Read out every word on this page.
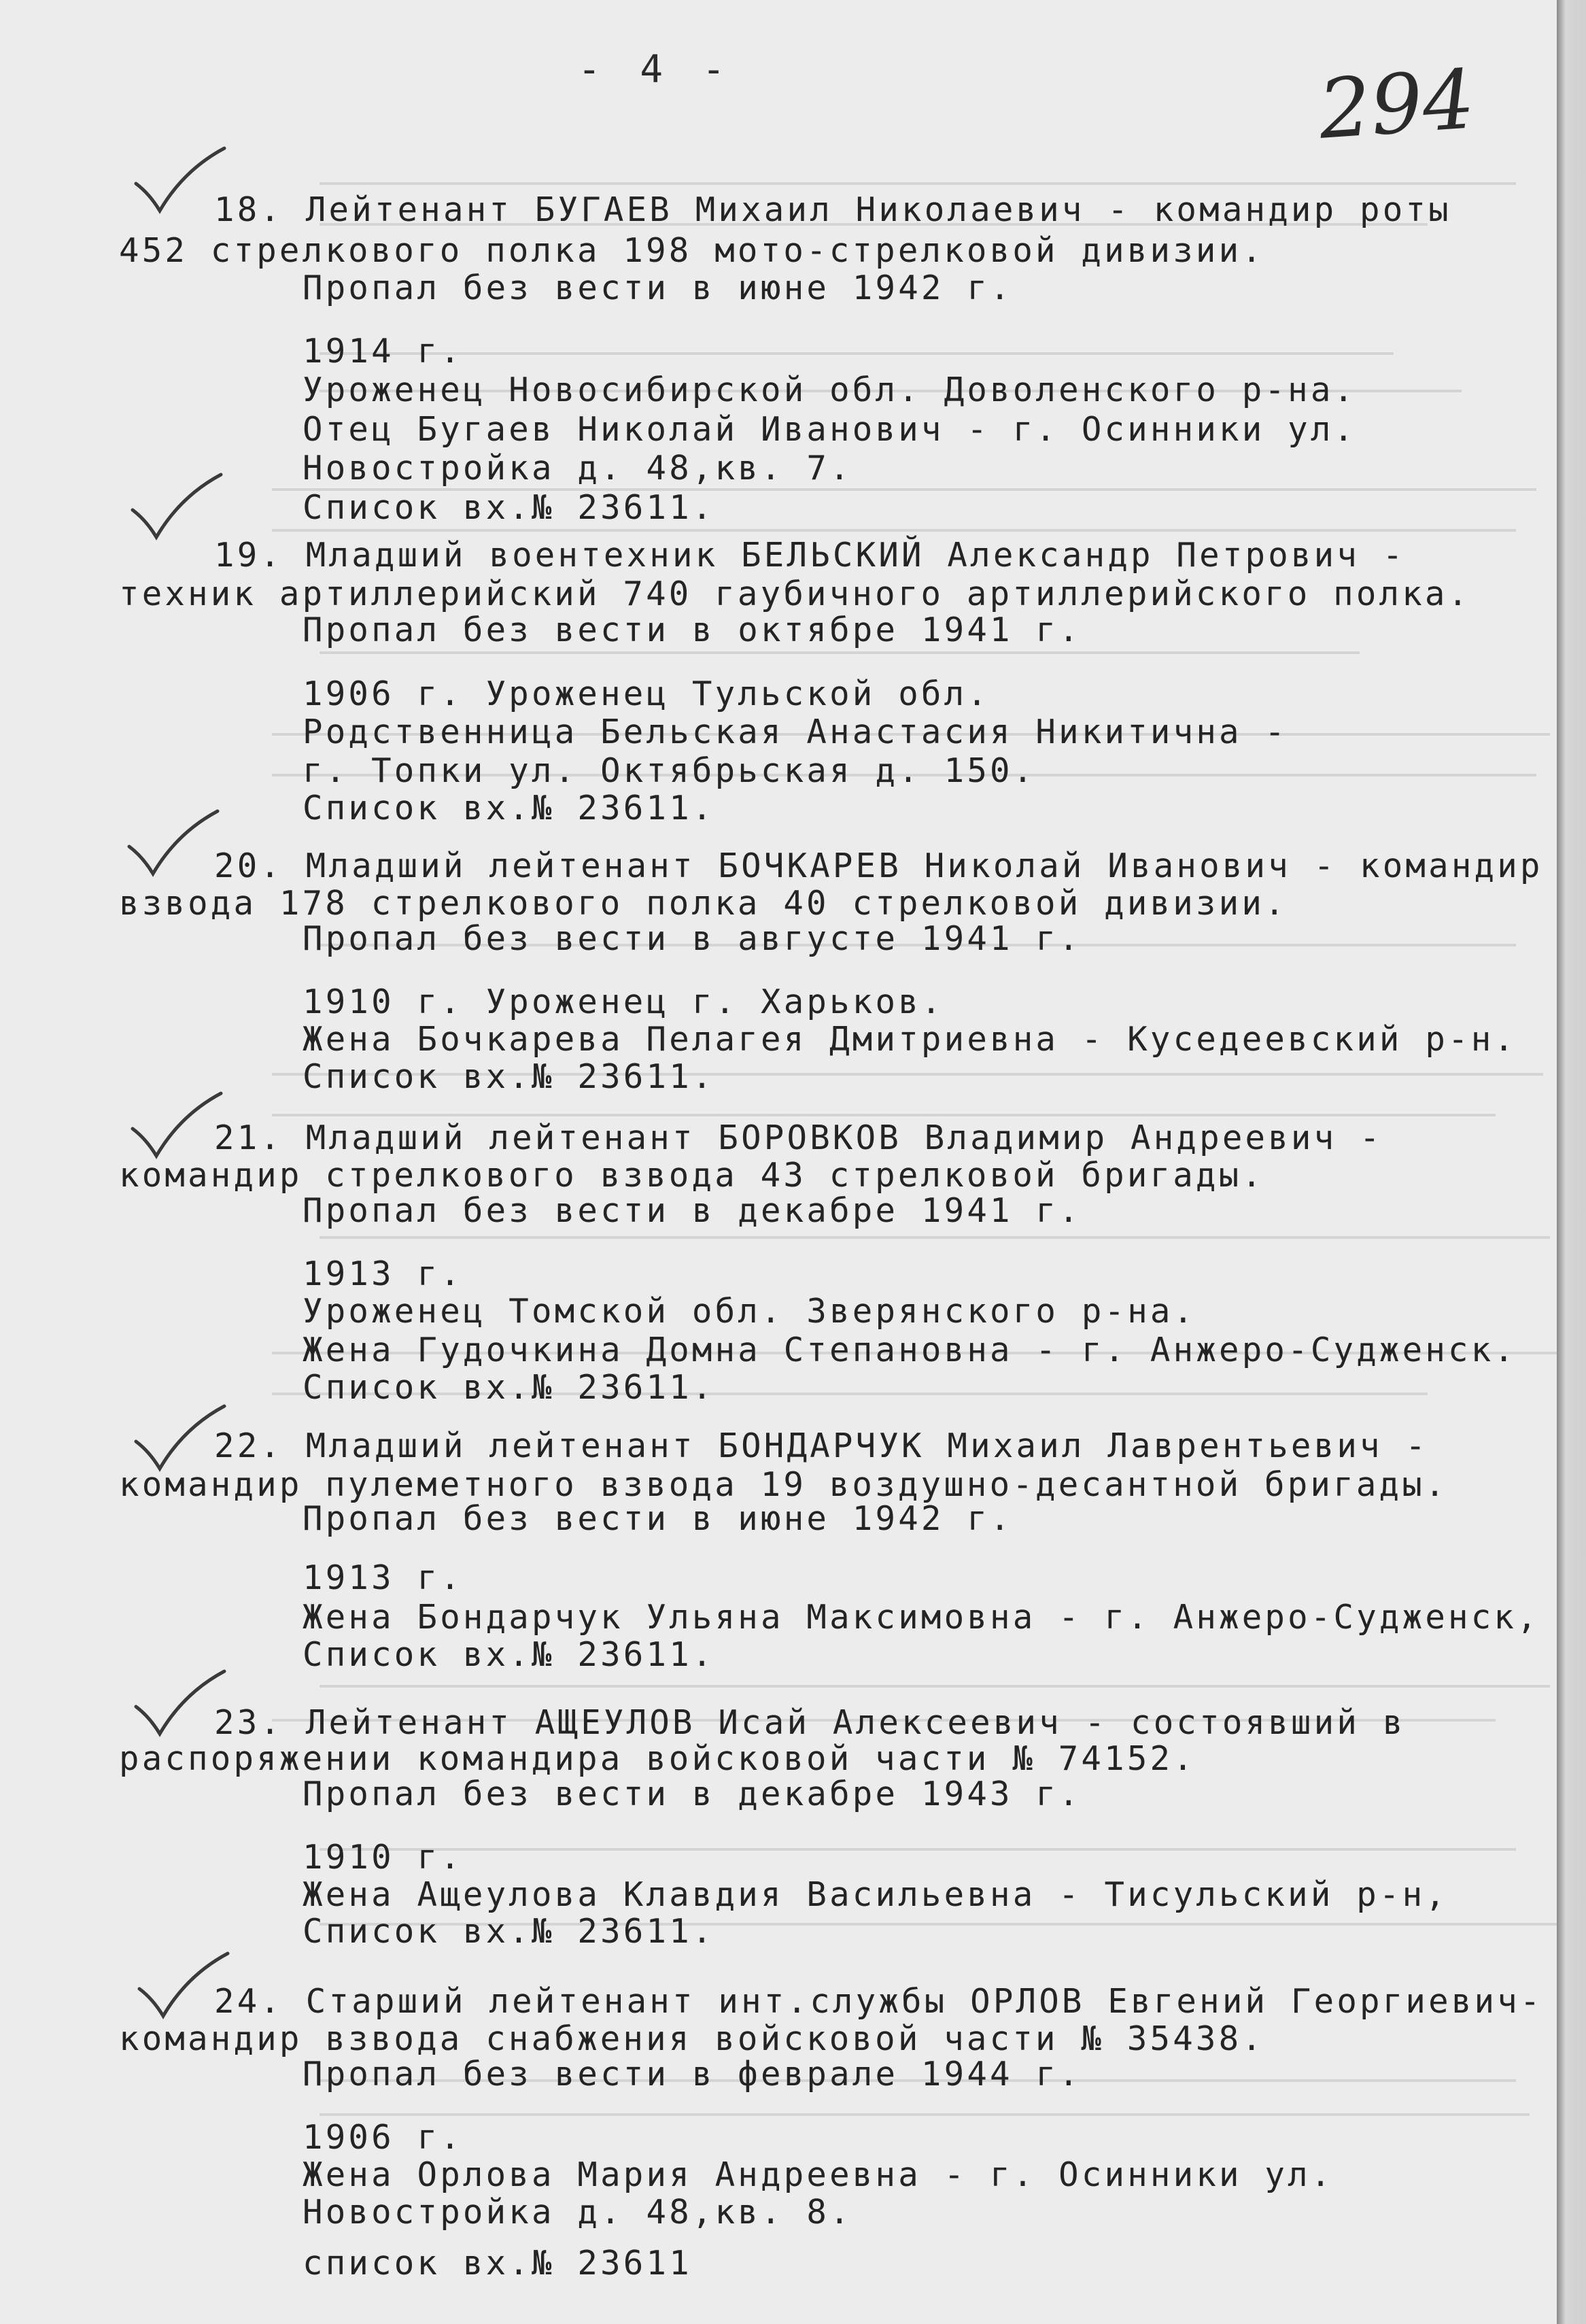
- 4 -	294
18. Лейтенант БУГАЕВ Михаил Николаевич - командир роты
452 стрелкового полка 198 мото-стрелковой дивизии.
Пропал без вести в июне 1942 г.
1914 г.
Уроженец Новосибирской обл. Доволенского р-на.
Отец Бугаев Николай Иванович - г. Осинники ул.
Новостройка д. 48,кв. 7.
Список вх.№ 23611.
19. Младший воентехник БЕЛЬСКИЙ Александр Петрович -
техник артиллерийский 740 гаубичного артиллерийского полка.
Пропал без вести в октябре 1941 г.
1906 г. Уроженец Тульской обл.
Родственница Бельская Анастасия Никитична -
г. Топки ул. Октябрьская д. 150.
Список вх.№ 23611.
20. Младший лейтенант БОЧКАРЕВ Николай Иванович - командир
взвода 178 стрелкового полка 40 стрелковой дивизии.
Пропал без вести в августе 1941 г.
1910 г. Уроженец г. Харьков.
Жена Бочкарева Пелагея Дмитриевна - Куседеевский р-н.
Список вх.№ 23611.
21. Младший лейтенант БОРОВКОВ Владимир Андреевич -
командир стрелкового взвода 43 стрелковой бригады.
Пропал без вести в декабре 1941 г.
1913 г.
Уроженец Томской обл. Зверянского р-на.
Жена Гудочкина Домна Степановна - г. Анжеро-Судженск.
Список вх.№ 23611.
22. Младший лейтенант БОНДАРЧУК Михаил Лаврентьевич -
командир пулеметного взвода 19 воздушно-десантной бригады.
Пропал без вести в июне 1942 г.
1913 г.
Жена Бондарчук Ульяна Максимовна - г. Анжеро-Судженск,
Список вх.№ 23611.
23. Лейтенант АЩЕУЛОВ Исай Алексеевич - состоявший в
распоряжении командира войсковой части № 74152.
Пропал без вести в декабре 1943 г.
1910 г.
Жена Ащеулова Клавдия Васильевна - Тисульский р-н,
Список вх.№ 23611.
24. Старший лейтенант инт.службы ОРЛОВ Евгений Георгиевич-
командир взвода снабжения войсковой части № 35438.
Пропал без вести в феврале 1944 г.
1906 г.
Жена Орлова Мария Андреевна - г. Осинники ул.
Новостройка д. 48,кв. 8.
список вх.№ 23611
